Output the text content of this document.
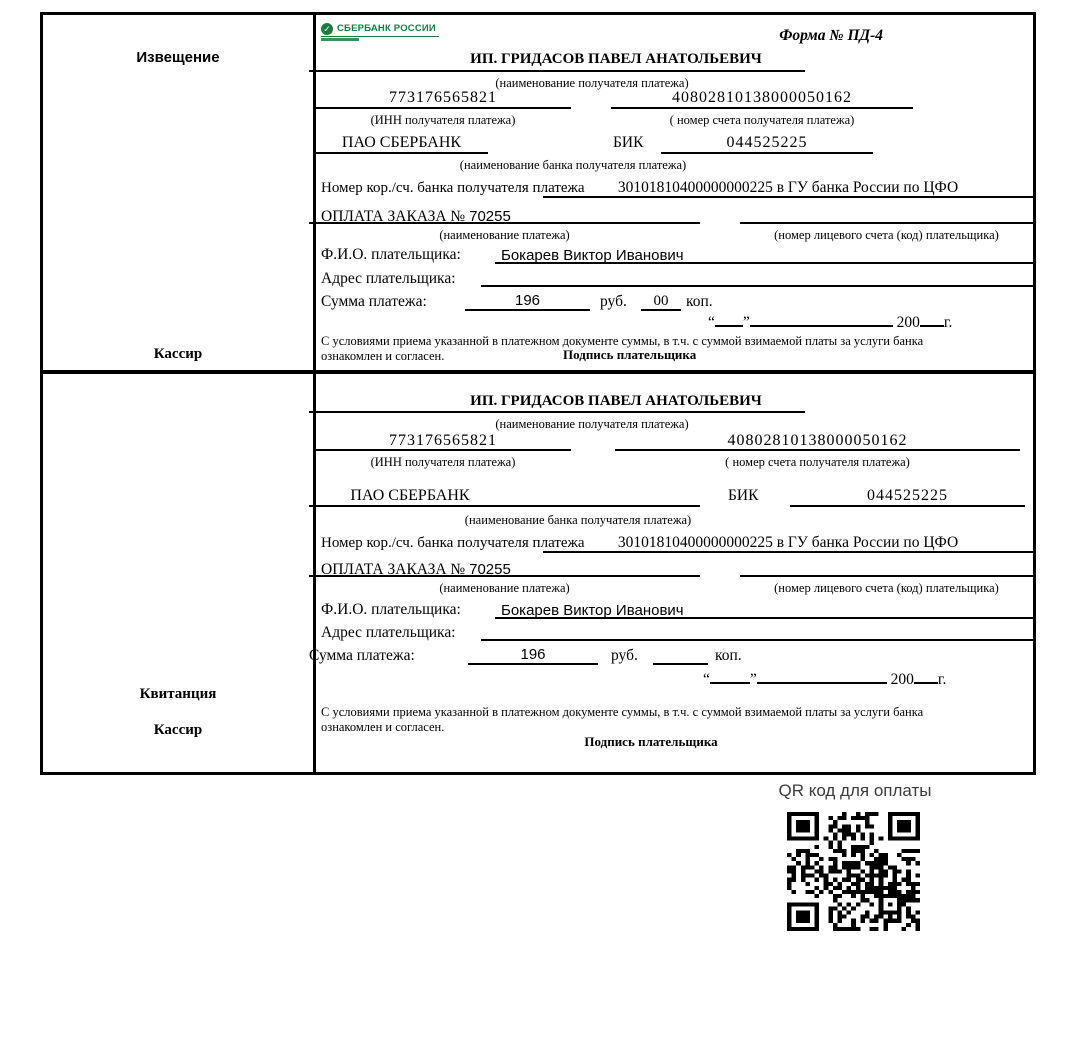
Извещение
Кассир
✓ СБЕРБАНК РОССИИ	Форма № ПД-4
ИП. ГРИДАСОВ ПАВЕЛ АНАТОЛЬЕВИЧ
(наименование получателя платежа)
773176565821	40802810138000050162
(ИНН получателя платежа)	( номер счета получателя платежа)
ПАО СБЕРБАНК	БИК	044525225
(наименование банка получателя платежа)
Номер кор./сч. банка получателя платежа	30101810400000000225 в ГУ банка России по ЦФО
ОПЛАТА ЗАКАЗА № 70255
(наименование платежа)	(номер лицевого счета (код) плательщика)
Ф.И.О. плательщика:	Бокарев Виктор Иванович
Адрес плательщика:
Сумма платежа:	196	руб.	00	коп.
“ ”	200 г.
С условиями приема указанной в платежном документе суммы, в т.ч. с суммой взимаемой платы за услуги банка
ознакомлен и согласен.	Подпись плательщика
Квитанция
Кассир
ИП. ГРИДАСОВ ПАВЕЛ АНАТОЛЬЕВИЧ
(наименование получателя платежа)
773176565821	40802810138000050162
(ИНН получателя платежа)	( номер счета получателя платежа)
ПАО СБЕРБАНК	БИК	044525225
(наименование банка получателя платежа)
Номер кор./сч. банка получателя платежа	30101810400000000225 в ГУ банка России по ЦФО
ОПЛАТА ЗАКАЗА № 70255
(наименование платежа)	(номер лицевого счета (код) плательщика)
Ф.И.О. плательщика:	Бокарев Виктор Иванович
Адрес плательщика:
Сумма платежа:	196	руб.	коп.
“	”	200 г.
С условиями приема указанной в платежном документе суммы, в т.ч. с суммой взимаемой платы за услуги банка
ознакомлен и согласен.
Подпись плательщика
QR код для оплаты
